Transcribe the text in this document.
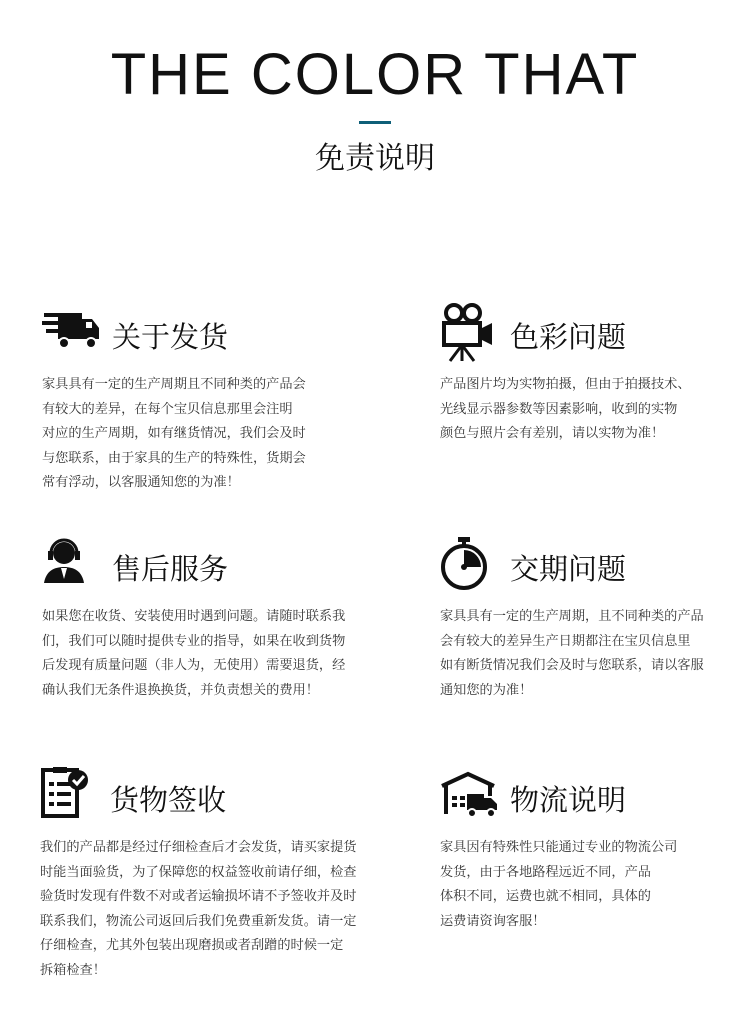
THE COLOR THAT
免责说明
关于发货

家具具有一定的生产周期且不同种类的产品会
有较大的差异，在每个宝贝信息那里会注明
对应的生产周期，如有继货情况，我们会及时
与您联系，由于家具的生产的特殊性，货期会
常有浮动，以客服通知您的为准！

色彩问题

产品图片均为实物拍摄，但由于拍摄技术、
光线显示器参数等因素影响，收到的实物
颜色与照片会有差别，请以实物为准！

售后服务

如果您在收货、安装使用时遇到问题。请随时联系我
们，我们可以随时提供专业的指导，如果在收到货物
后发现有质量问题（非人为，无使用）需要退货，经
确认我们无条件退换换货，并负责想关的费用！

交期问题

家具具有一定的生产周期，且不同种类的产品
会有较大的差异生产日期都注在宝贝信息里
如有断货情况我们会及时与您联系，请以客服
通知您的为准！

货物签收

我们的产品都是经过仔细检查后才会发货，请买家提货
时能当面验货，为了保障您的权益签收前请仔细，检查
验货时发现有件数不对或者运输损坏请不予签收并及时
联系我们，物流公司返回后我们免费重新发货。请一定
仔细检查，尤其外包装出现磨损或者刮蹭的时候一定
拆箱检查！

物流说明

家具因有特殊性只能通过专业的物流公司
发货，由于各地路程远近不同，产品
体积不同，运费也就不相同，具体的
运费请资询客服！
